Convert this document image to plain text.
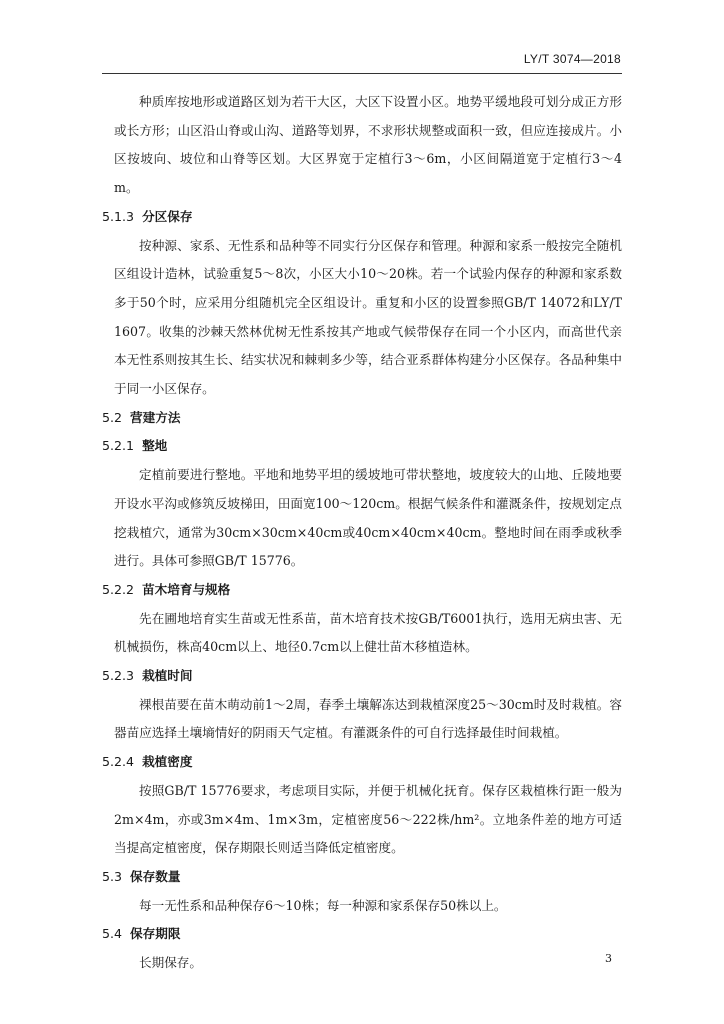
LY/T 3074—2018

种质库按地形或道路区划为若干大区，大区下设置小区。地势平缓地段可划分成正方形或长方形；山区沿山脊或山沟、道路等划界，不求形状规整或面积一致，但应连接成片。小区按坡向、坡位和山脊等区划。大区界宽于定植行3～6m，小区间隔道宽于定植行3～4m。

5.1.3 分区保存

按种源、家系、无性系和品种等不同实行分区保存和管理。种源和家系一般按完全随机区组设计造林，试验重复5～8次，小区大小10～20株。若一个试验内保存的种源和家系数多于50个时，应采用分组随机完全区组设计。重复和小区的设置参照GB/T 14072和LY/T 1607。收集的沙棘天然林优树无性系按其产地或气候带保存在同一个小区内，而高世代亲本无性系则按其生长、结实状况和棘刺多少等，结合亚系群体构建分小区保存。各品种集中于同一小区保存。

5.2 营建方法
5.2.1 整地

定植前要进行整地。平地和地势平坦的缓坡地可带状整地，坡度较大的山地、丘陵地要开设水平沟或修筑反坡梯田，田面宽100～120cm。根据气候条件和灌溉条件，按规划定点挖栽植穴，通常为30cm×30cm×40cm或40cm×40cm×40cm。整地时间在雨季或秋季进行。具体可参照GB/T 15776。

5.2.2 苗木培育与规格

先在圃地培育实生苗或无性系苗，苗木培育技术按GB/T6001执行，选用无病虫害、无机械损伤，株高40cm以上、地径0.7cm以上健壮苗木移植造林。

5.2.3 栽植时间

裸根苗要在苗木萌动前1～2周，春季土壤解冻达到栽植深度25～30cm时及时栽植。容器苗应选择土壤墒情好的阴雨天气定植。有灌溉条件的可自行选择最佳时间栽植。

5.2.4 栽植密度

按照GB/T 15776要求，考虑项目实际，并便于机械化抚育。保存区栽植株行距一般为2m×4m，亦或3m×4m、1m×3m，定植密度56～222株/hm²。立地条件差的地方可适当提高定植密度，保存期限长则适当降低定植密度。

5.3 保存数量

每一无性系和品种保存6～10株；每一种源和家系保存50株以上。

5.4 保存期限

长期保存。	3
